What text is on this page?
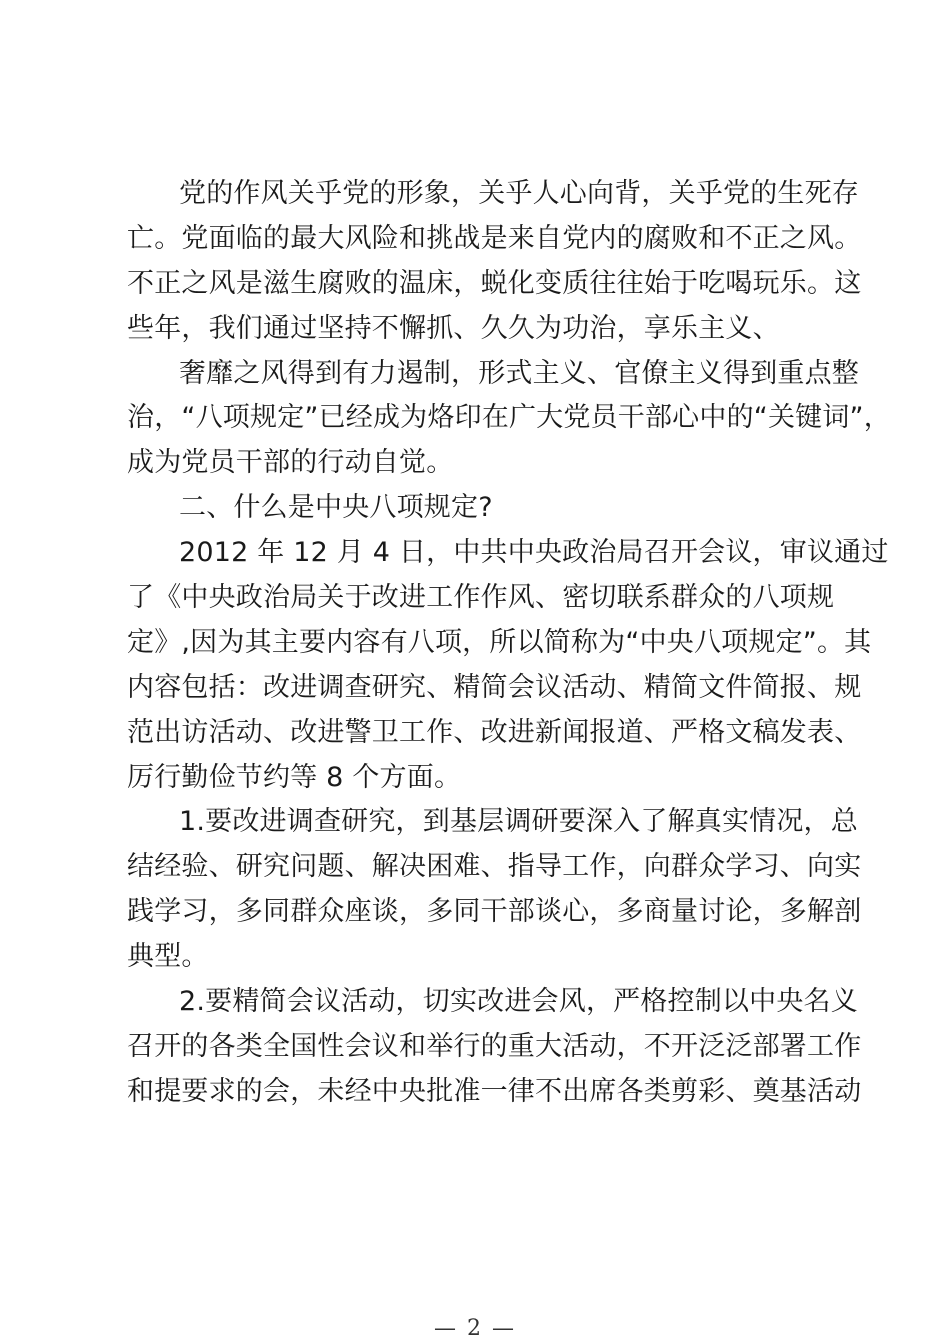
党的作风关乎党的形象，关乎人心向背，关乎党的生死存
亡。党面临的最大风险和挑战是来自党内的腐败和不正之风。
不正之风是滋生腐败的温床，蜕化变质往往始于吃喝玩乐。这
些年，我们通过坚持不懈抓、久久为功治，享乐主义、
奢靡之风得到有力遏制，形式主义、官僚主义得到重点整
治，“八项规定”已经成为烙印在广大党员干部心中的“关键词”，
成为党员干部的行动自觉。
二、什么是中央八项规定?
2012 年 12 月 4 日，中共中央政治局召开会议，审议通过
了《中央政治局关于改进工作作风、密切联系群众的八项规
定》,因为其主要内容有八项，所以简称为“中央八项规定”。其
内容包括：改进调查研究、精简会议活动、精简文件简报、规
范出访活动、改进警卫工作、改进新闻报道、严格文稿发表、
厉行勤俭节约等 8 个方面。
1.要改进调查研究，到基层调研要深入了解真实情况，总
结经验、研究问题、解决困难、指导工作，向群众学习、向实
践学习，多同群众座谈，多同干部谈心，多商量讨论，多解剖
典型。
2.要精简会议活动，切实改进会风，严格控制以中央名义
召开的各类全国性会议和举行的重大活动，不开泛泛部署工作
和提要求的会，未经中央批准一律不出席各类剪彩、奠基活动
— 2 —
